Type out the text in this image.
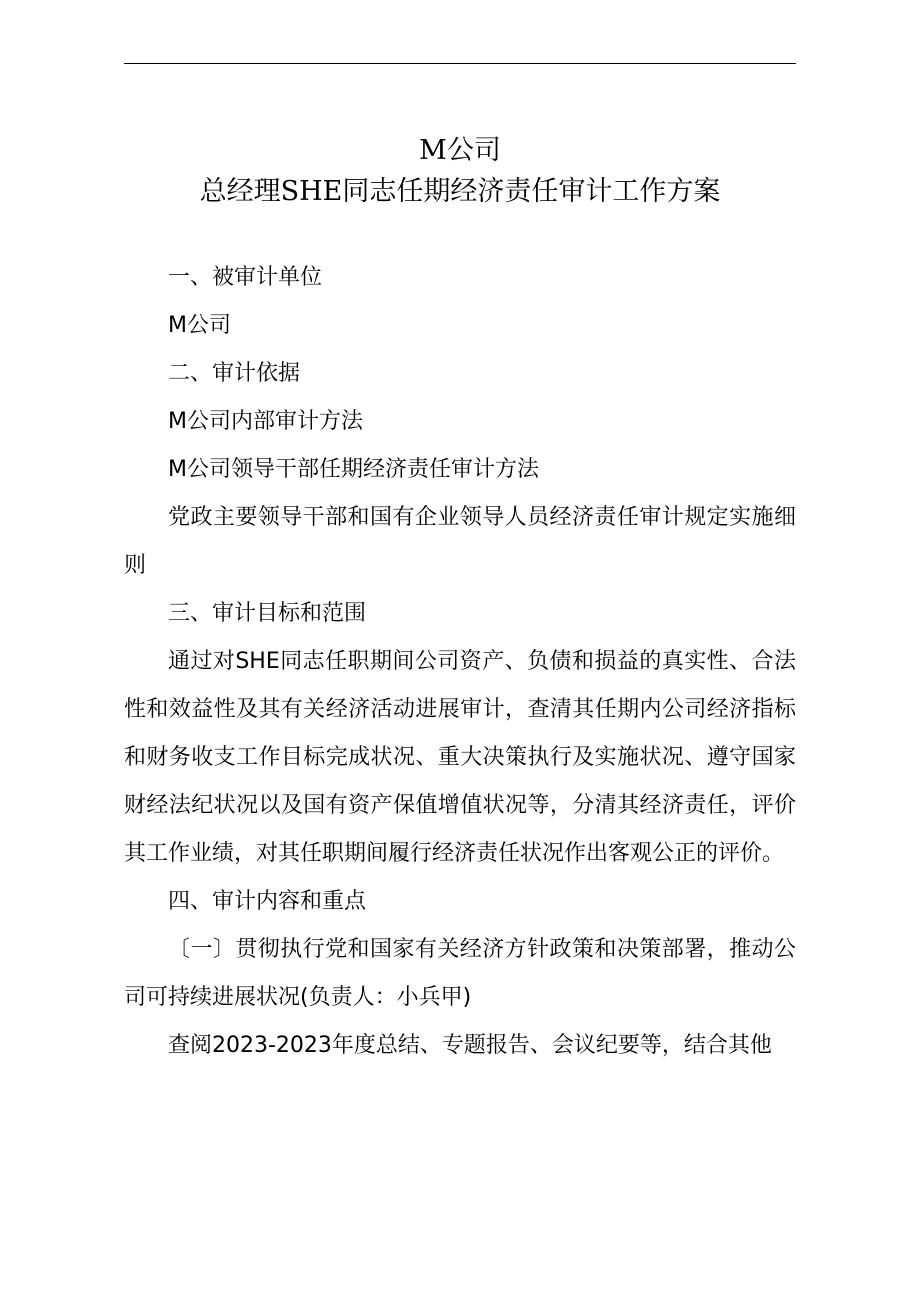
M公司
总经理SHE同志任期经济责任审计工作方案

一、被审计单位

M公司

二、审计依据

M公司内部审计方法

M公司领导干部任期经济责任审计方法

党政主要领导干部和国有企业领导人员经济责任审计规定实施细则

三、审计目标和范围

通过对SHE同志任职期间公司资产、负债和损益的真实性、合法性和效益性及其有关经济活动进展审计，查清其任期内公司经济指标和财务收支工作目标完成状况、重大决策执行及实施状况、遵守国家财经法纪状况以及国有资产保值增值状况等，分清其经济责任，评价其工作业绩，对其任职期间履行经济责任状况作出客观公正的评价。

四、审计内容和重点

〔一〕贯彻执行党和国家有关经济方针政策和决策部署，推动公司可持续进展状况(负责人：小兵甲)

查阅2023-2023年度总结、专题报告、会议纪要等，结合其他
